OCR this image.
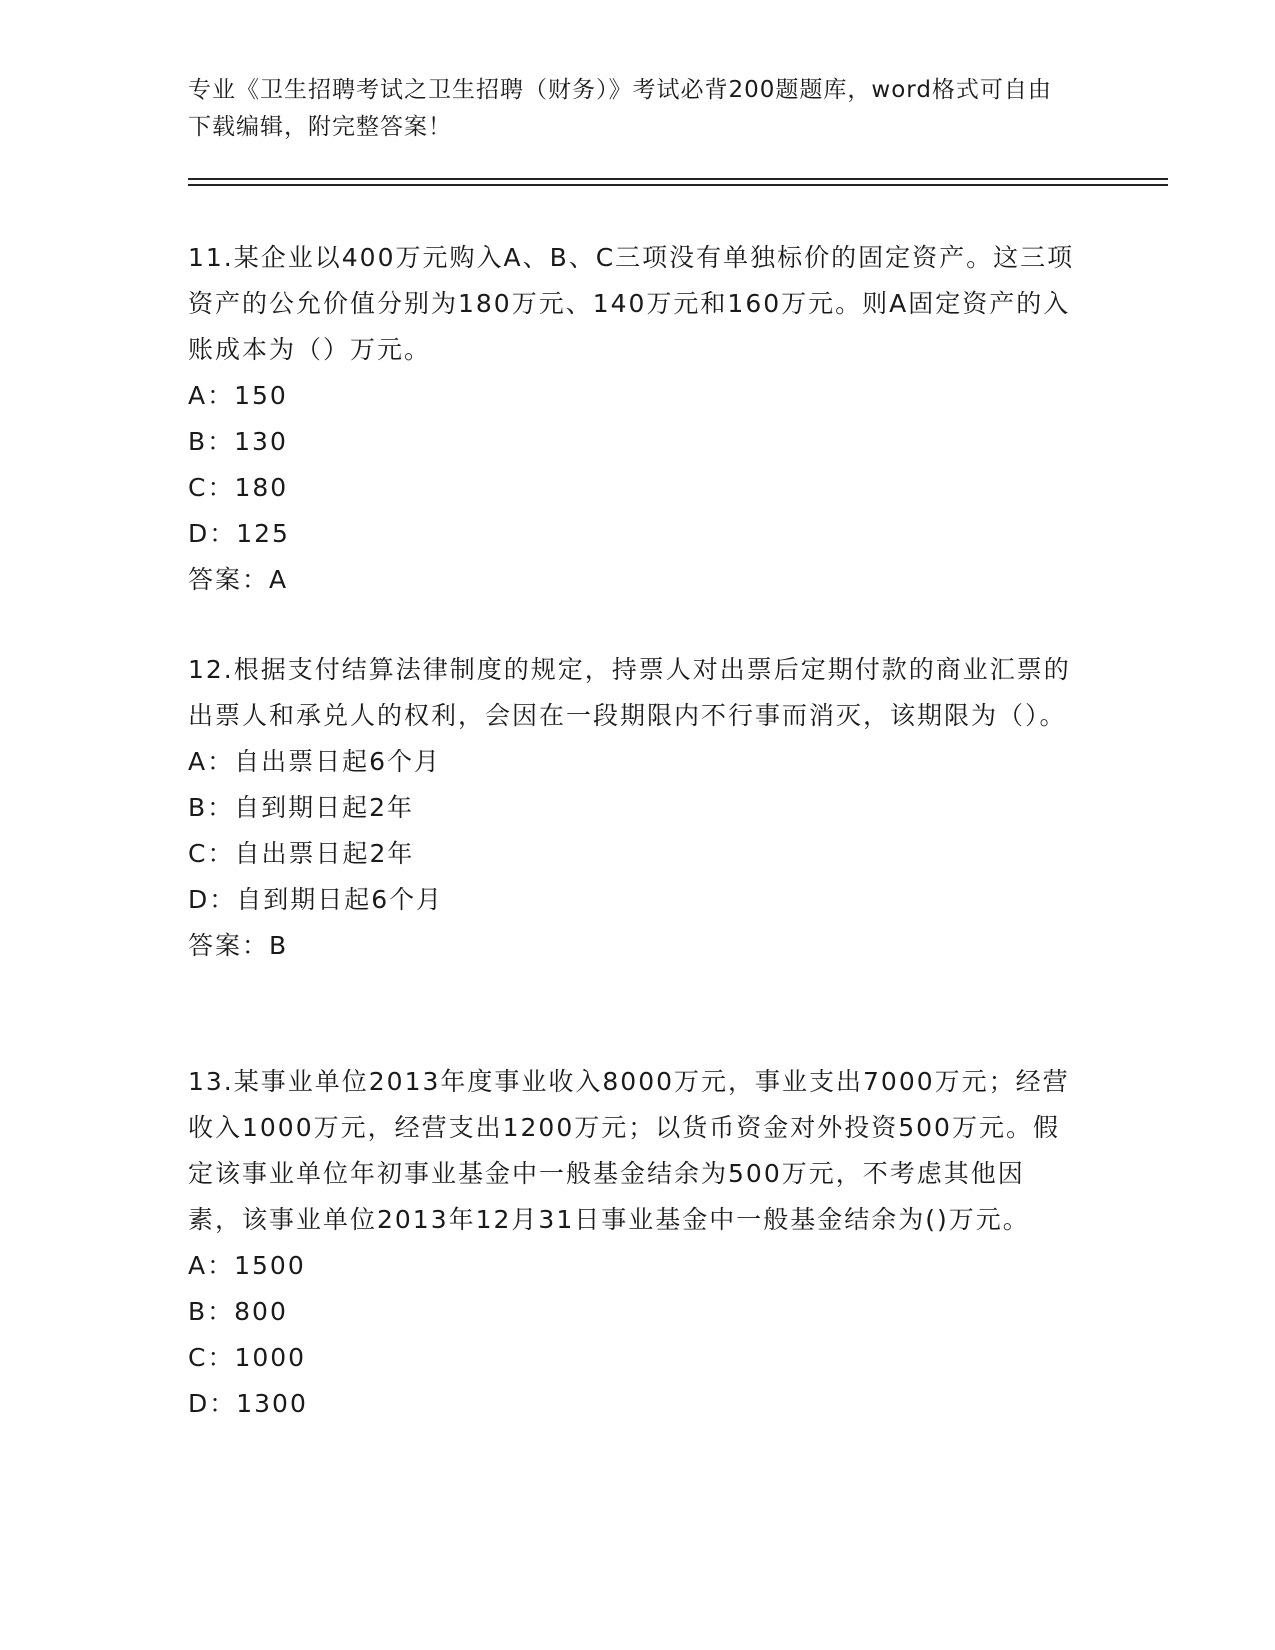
专业《卫生招聘考试之卫生招聘（财务）》考试必背200题题库，word格式可自由下载编辑，附完整答案！
11.某企业以400万元购入A、B、C三项没有单独标价的固定资产。这三项资产的公允价值分别为180万元、140万元和160万元。则A固定资产的入账成本为（）万元。
A：150
B：130
C：180
D：125
答案：A
12.根据支付结算法律制度的规定，持票人对出票后定期付款的商业汇票的出票人和承兑人的权利，会因在一段期限内不行事而消灭，该期限为（）。
A：自出票日起6个月
B：自到期日起2年
C：自出票日起2年
D：自到期日起6个月
答案：B
13.某事业单位2013年度事业收入8000万元，事业支出7000万元；经营收入1000万元，经营支出1200万元；以货币资金对外投资500万元。假定该事业单位年初事业基金中一般基金结余为500万元，不考虑其他因素，该事业单位2013年12月31日事业基金中一般基金结余为()万元。
A：1500
B：800
C：1000
D：1300
